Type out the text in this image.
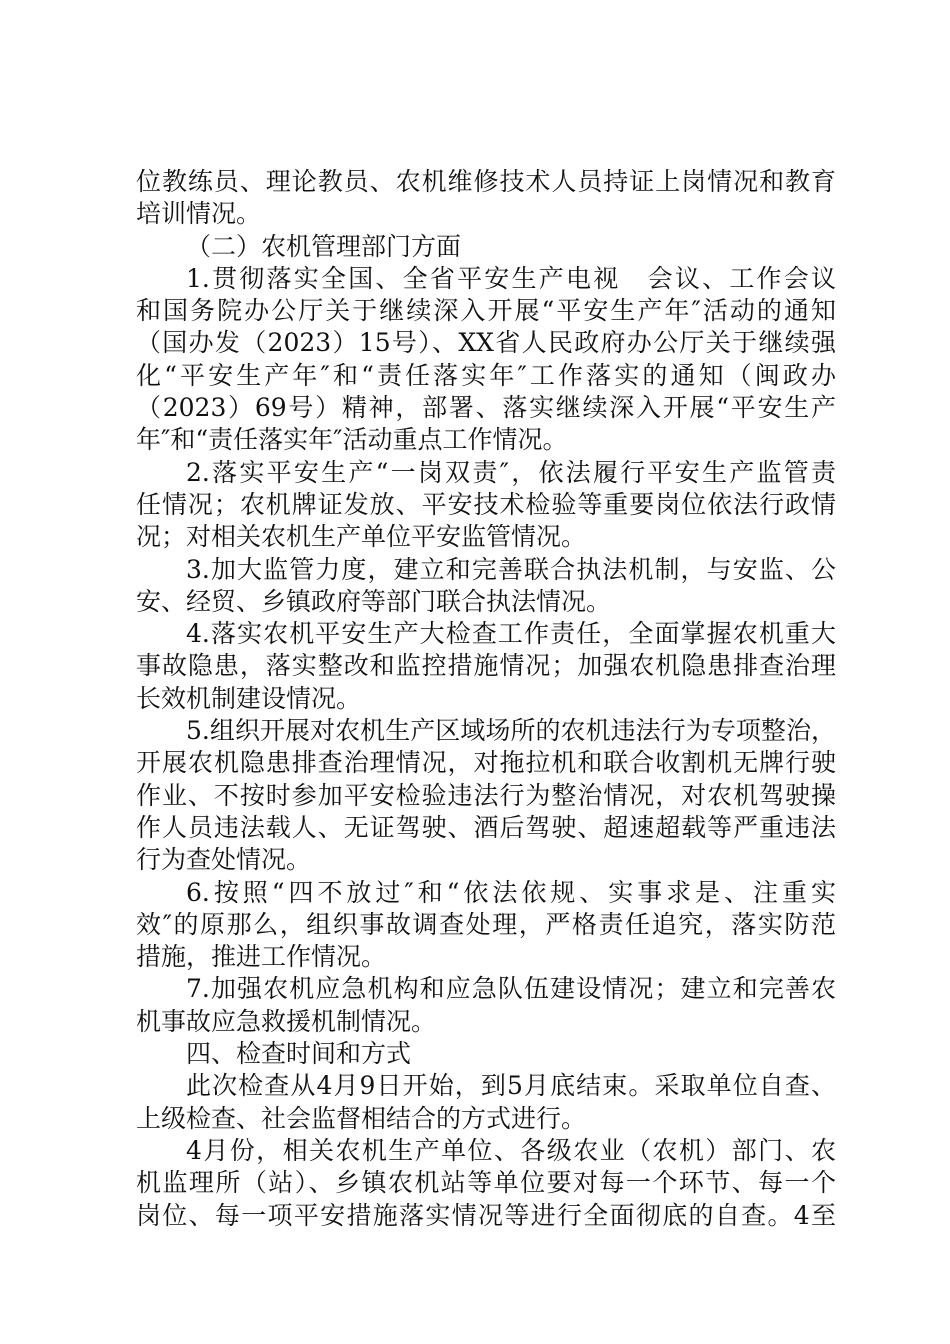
位教练员、理论教员、农机维修技术人员持证上岗情况和教育
培训情况。
（二）农机管理部门方面
1.贯彻落实全国、全省平安生产电视　会议、工作会议
和国务院办公厅关于继续深入开展“平安生产年″活动的通知
（国办发（2023）15号）、XX省人民政府办公厅关于继续强
化“平安生产年″和“责任落实年″工作落实的通知（闽政办
（2023）69号）精神，部署、落实继续深入开展“平安生产
年″和“责任落实年″活动重点工作情况。
2.落实平安生产“一岗双责″，依法履行平安生产监管责
任情况；农机牌证发放、平安技术检验等重要岗位依法行政情
况；对相关农机生产单位平安监管情况。
3.加大监管力度，建立和完善联合执法机制，与安监、公
安、经贸、乡镇政府等部门联合执法情况。
4.落实农机平安生产大检查工作责任，全面掌握农机重大
事故隐患，落实整改和监控措施情况；加强农机隐患排查治理
长效机制建设情况。
5.组织开展对农机生产区域场所的农机违法行为专项整治，
开展农机隐患排查治理情况，对拖拉机和联合收割机无牌行驶
作业、不按时参加平安检验违法行为整治情况，对农机驾驶操
作人员违法载人、无证驾驶、酒后驾驶、超速超载等严重违法
行为查处情况。
6.按照“四不放过″和“依法依规、实事求是、注重实
效″的原那么，组织事故调查处理，严格责任追究，落实防范
措施，推进工作情况。
7.加强农机应急机构和应急队伍建设情况；建立和完善农
机事故应急救援机制情况。
四、检查时间和方式
此次检查从4月9日开始，到5月底结束。采取单位自查、
上级检查、社会监督相结合的方式进行。
4月份，相关农机生产单位、各级农业（农机）部门、农
机监理所（站）、乡镇农机站等单位要对每一个环节、每一个
岗位、每一项平安措施落实情况等进行全面彻底的自查。4至
